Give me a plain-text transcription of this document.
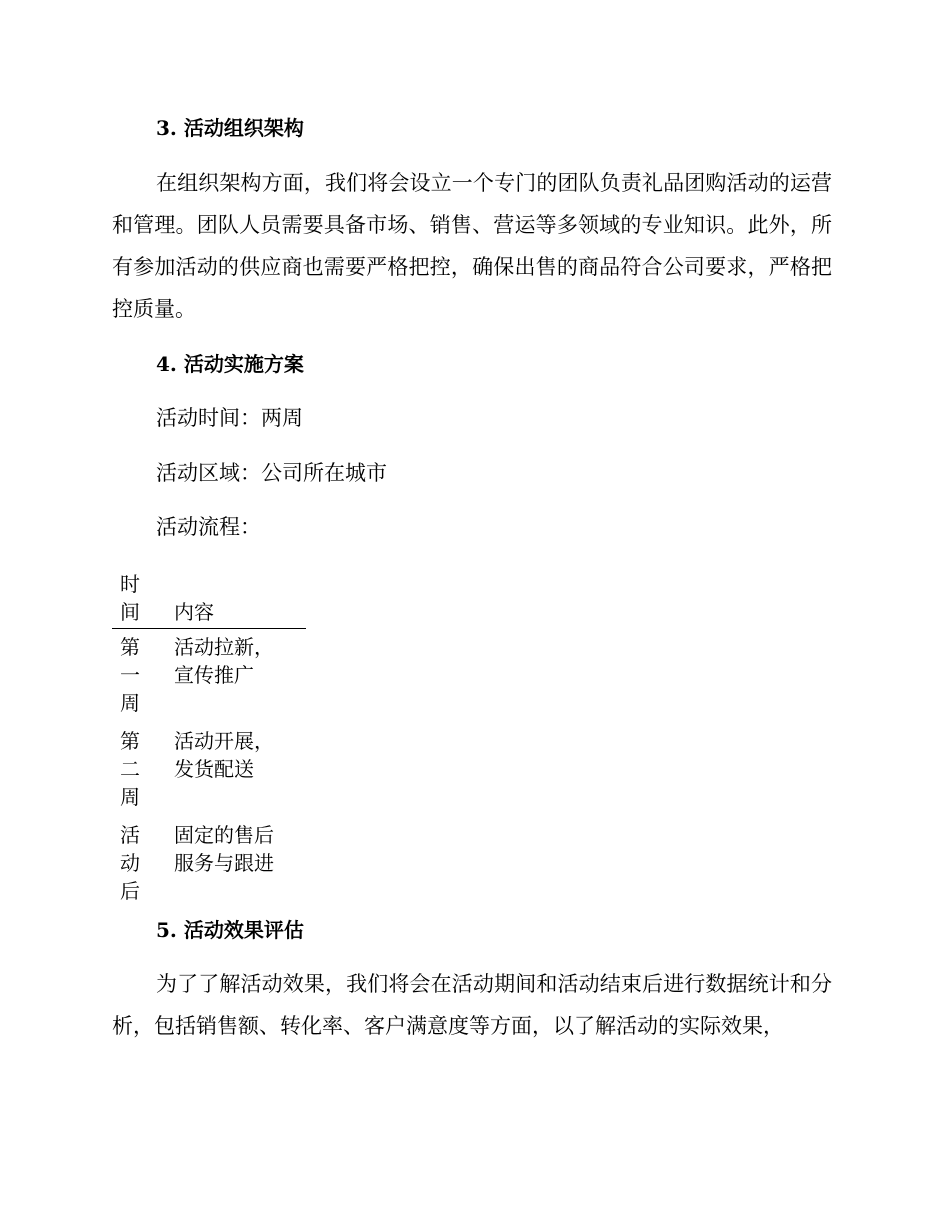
3. 活动组织架构
在组织架构方面，我们将会设立一个专门的团队负责礼品团购活动的运营和管理。团队人员需要具备市场、销售、营运等多领域的专业知识。此外，所有参加活动的供应商也需要严格把控，确保出售的商品符合公司要求，严格把控质量。
4. 活动实施方案
活动时间：两周
活动区域：公司所在城市
活动流程：
时间	内容
第一周
活动拉新，
宣传推广
第二周
活动开展，
发货配送
活动后
固定的售后
服务与跟进
5. 活动效果评估
为了了解活动效果，我们将会在活动期间和活动结束后进行数据统计和分析，包括销售额、转化率、客户满意度等方面，以了解活动的实际效果，
